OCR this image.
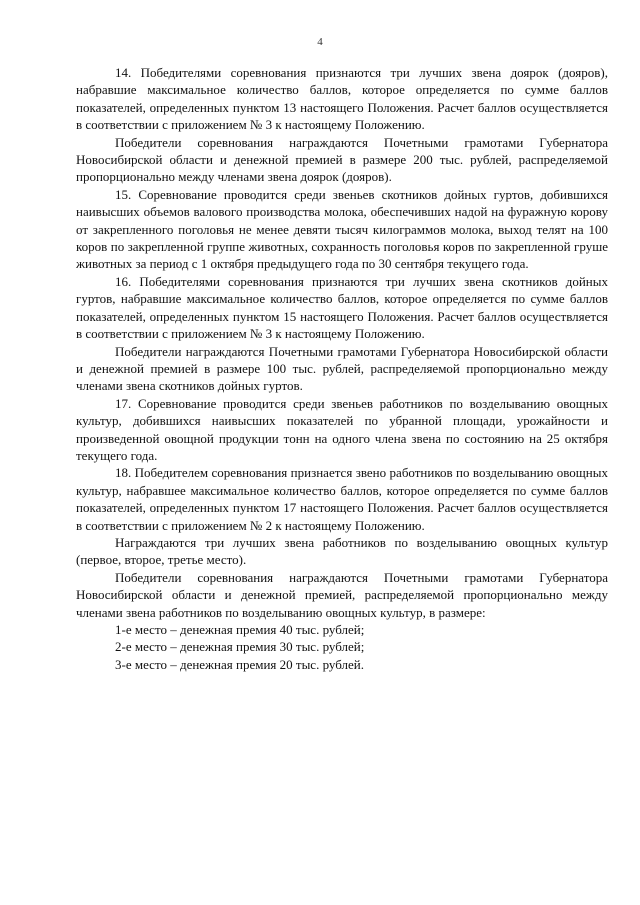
4

14. Победителями соревнования признаются три лучших звена доярок (дояров), набравшие максимальное количество баллов, которое определяется по сумме баллов показателей, определенных пунктом 13 настоящего Положения. Расчет баллов осуществляется в соответствии с приложением № 3 к настоящему Положению.

Победители соревнования награждаются Почетными грамотами Губернатора Новосибирской области и денежной премией в размере 200 тыс. рублей, распределяемой пропорционально между членами звена доярок (дояров).

15. Соревнование проводится среди звеньев скотников дойных гуртов, добившихся наивысших объемов валового производства молока, обеспечивших надой на фуражную корову от закрепленного поголовья не менее девяти тысяч килограммов молока, выход телят на 100 коров по закрепленной группе животных, сохранность поголовья коров по закрепленной груше животных за период с 1 октября предыдущего года по 30 сентября текущего года.

16. Победителями соревнования признаются три лучших звена скотников дойных гуртов, набравшие максимальное количество баллов, которое определяется по сумме баллов показателей, определенных пунктом 15 настоящего Положения. Расчет баллов осуществляется в соответствии с приложением № 3 к настоящему Положению.

Победители награждаются Почетными грамотами Губернатора Новосибирской области и денежной премией в размере 100 тыс. рублей, распределяемой пропорционально между членами звена скотников дойных гуртов.

17. Соревнование проводится среди звеньев работников по возделыванию овощных культур, добившихся наивысших показателей по убранной площади, урожайности и произведенной овощной продукции тонн на одного члена звена по состоянию на 25 октября текущего года.

18. Победителем соревнования признается звено работников по возделыванию овощных культур, набравшее максимальное количество баллов, которое определяется по сумме баллов показателей, определенных пунктом 17 настоящего Положения. Расчет баллов осуществляется в соответствии с приложением № 2 к настоящему Положению.

Награждаются три лучших звена работников по возделыванию овощных культур (первое, второе, третье место).

Победители соревнования награждаются Почетными грамотами Губернатора Новосибирской области и денежной премией, распределяемой пропорционально между членами звена работников по возделыванию овощных культур, в размере:

1-е место – денежная премия 40 тыс. рублей;

2-е место – денежная премия 30 тыс. рублей;

3-е место – денежная премия 20 тыс. рублей.
